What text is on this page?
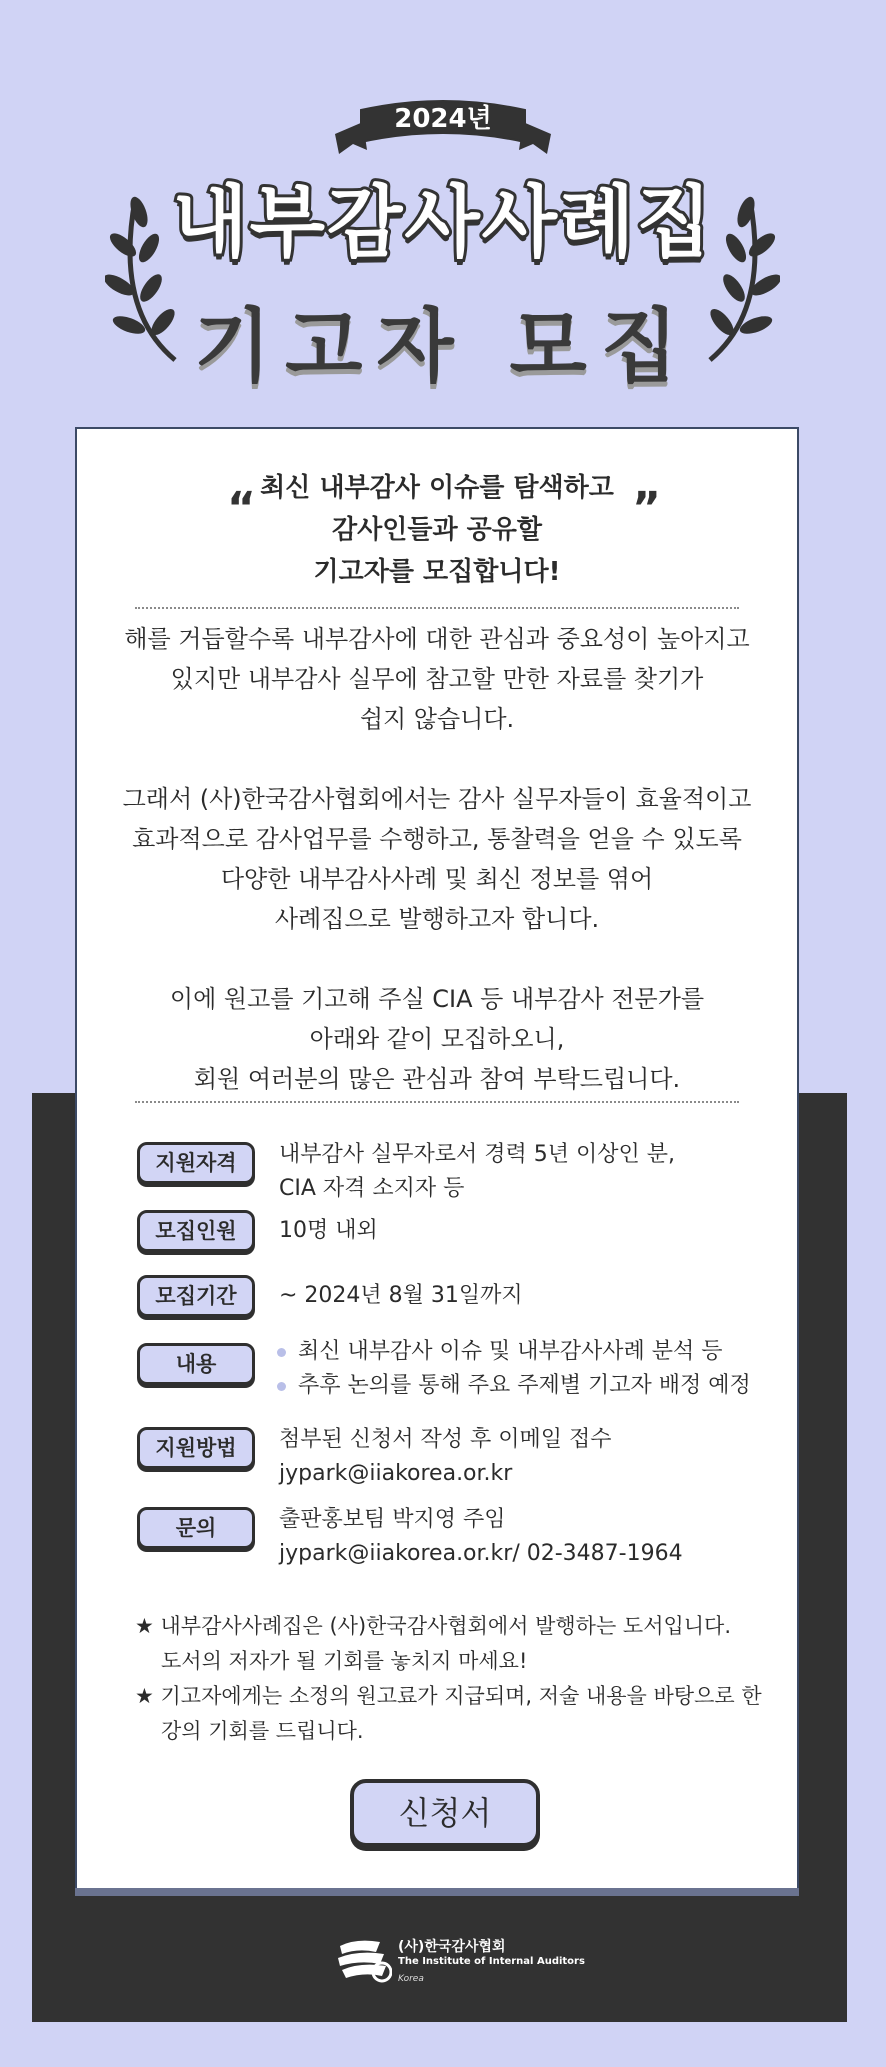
2024년
내부감사사례집
기고자 모집
“	”
최신 내부감사 이슈를 탐색하고
감사인들과 공유할
기고자를 모집합니다!
해를 거듭할수록 내부감사에 대한 관심과 중요성이 높아지고
있지만 내부감사 실무에 참고할 만한 자료를 찾기가
쉽지 않습니다.
그래서 (사)한국감사협회에서는 감사 실무자들이 효율적이고
효과적으로 감사업무를 수행하고, 통찰력을 얻을 수 있도록
다양한 내부감사사례 및 최신 정보를 엮어
사례집으로 발행하고자 합니다.
이에 원고를 기고해 주실 CIA 등 내부감사 전문가를
아래와 같이 모집하오니,
회원 여러분의 많은 관심과 참여 부탁드립니다.
지원자격	내부감사 실무자로서 경력 5년 이상인 분,
CIA 자격 소지자 등
모집인원	10명 내외
모집기간	~ 2024년 8월 31일까지
내용	최신 내부감사 이슈 및 내부감사사례 분석 등
추후 논의를 통해 주요 주제별 기고자 배정 예정
지원방법	첨부된 신청서 작성 후 이메일 접수
jypark@iiakorea.or.kr
문의	출판홍보팀 박지영 주임
jypark@iiakorea.or.kr/ 02-3487-1964
★ 내부감사사례집은 (사)한국감사협회에서 발행하는 도서입니다.
도서의 저자가 될 기회를 놓치지 마세요!
★ 기고자에게는 소정의 원고료가 지급되며, 저술 내용을 바탕으로 한
강의 기회를 드립니다.
신청서
(사)한국감사협회
The Institute of Internal Auditors
Korea
